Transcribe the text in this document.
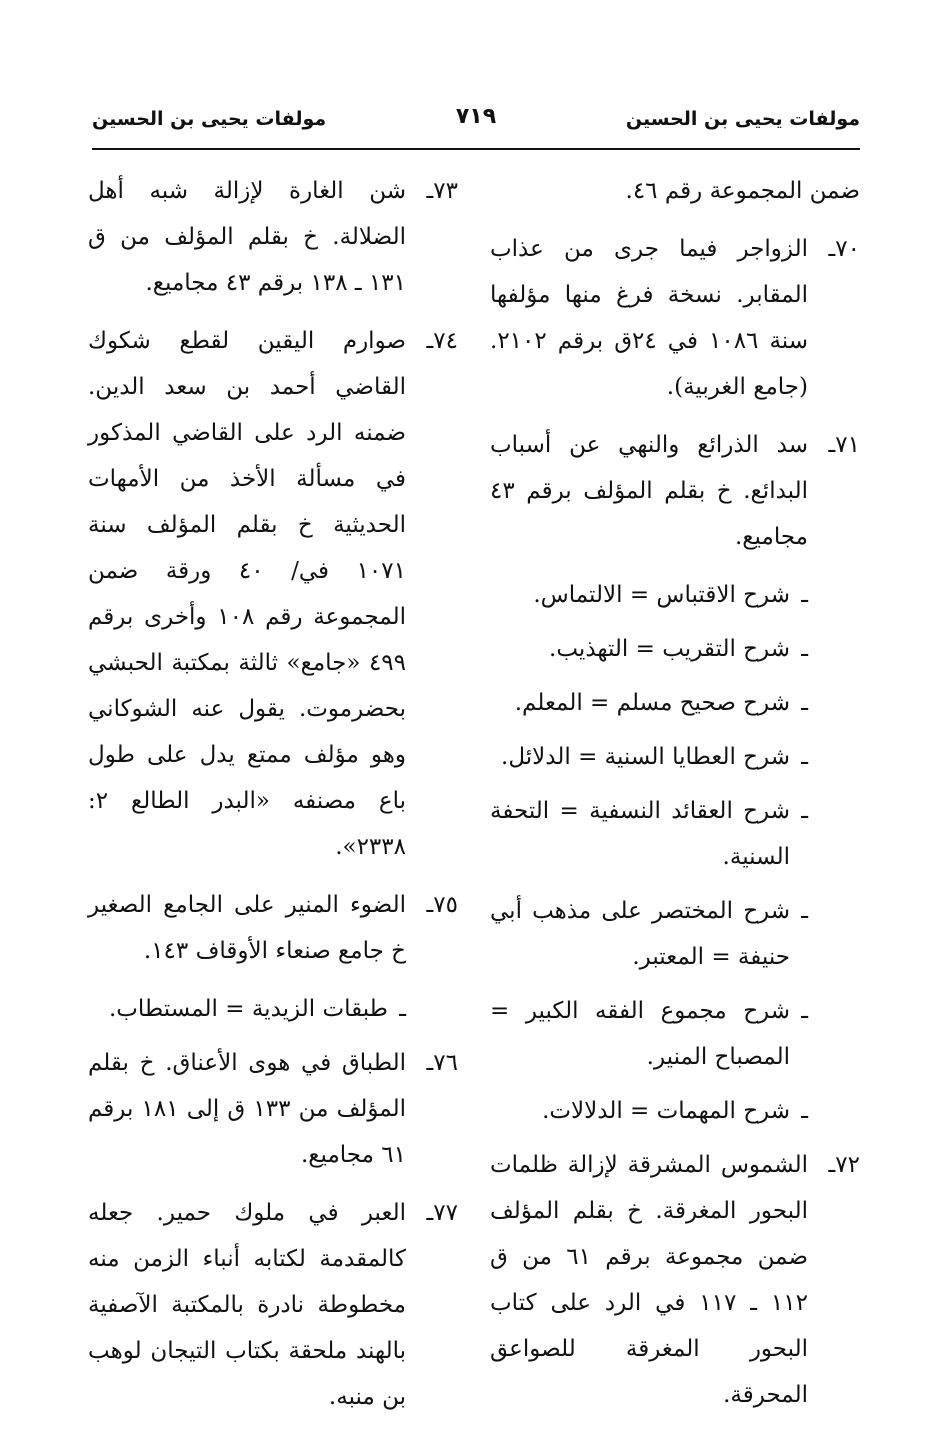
مولفات يحيى بن الحسين
٧١٩
مولفات يحيى بن الحسين

ضمن المجموعة رقم ٤٦.

٧٠ـ
الزواجر فيما جرى من عذاب المقابر. نسخة فرغ منها مؤلفها سنة ١٠٨٦ في ٢٤ق برقم ٢١٠٢. (جامع الغربية).
٧١ـ
سد الذرائع والنهي عن أسباب البدائع. خ بقلم المؤلف برقم ٤٣ مجاميع.
ـ
شرح الاقتباس = الالتماس.
ـ
شرح التقريب = التهذيب.
ـ
شرح صحيح مسلم = المعلم.
ـ
شرح العطايا السنية = الدلائل.
ـ
شرح العقائد النسفية = التحفة السنية.
ـ
شرح المختصر على مذهب أبي حنيفة = المعتبر.
ـ
شرح مجموع الفقه الكبير = المصباح المنير.
ـ
شرح المهمات = الدلالات.
٧٢ـ
الشموس المشرقة لإزالة ظلمات البحور المغرقة. خ بقلم المؤلف ضمن مجموعة برقم ٦١ من ق ١١٢ ـ ١١٧ في الرد على كتاب البحور المغرقة للصواعق المحرقة.
٧٣ـ
شن الغارة لإزالة شبه أهل الضلالة. خ بقلم المؤلف من ق ١٣١ ـ ١٣٨ برقم ٤٣ مجاميع.
٧٤ـ
صوارم اليقين لقطع شكوك القاضي أحمد بن سعد الدين. ضمنه الرد على القاضي المذكور في مسألة الأخذ من الأمهات الحديثية خ بقلم المؤلف سنة ١٠٧١ في/ ٤٠ ورقة ضمن المجموعة رقم ١٠٨ وأخرى برقم ٤٩٩ «جامع» ثالثة بمكتبة الحبشي بحضرموت. يقول عنه الشوكاني وهو مؤلف ممتع يدل على طول باع مصنفه «البدر الطالع ٢: ٢٣٣٨».
٧٥ـ
الضوء المنير على الجامع الصغير خ جامع صنعاء الأوقاف ١٤٣.
ـ
طبقات الزيدية = المستطاب.
٧٦ـ
الطباق في هوى الأعناق. خ بقلم المؤلف من ١٣٣ ق إلى ١٨١ برقم ٦١ مجاميع.
٧٧ـ
العبر في ملوك حمير. جعله كالمقدمة لكتابه أنباء الزمن منه مخطوطة نادرة بالمكتبة الآصفية بالهند ملحقة بكتاب التيجان لوهب بن منبه.
